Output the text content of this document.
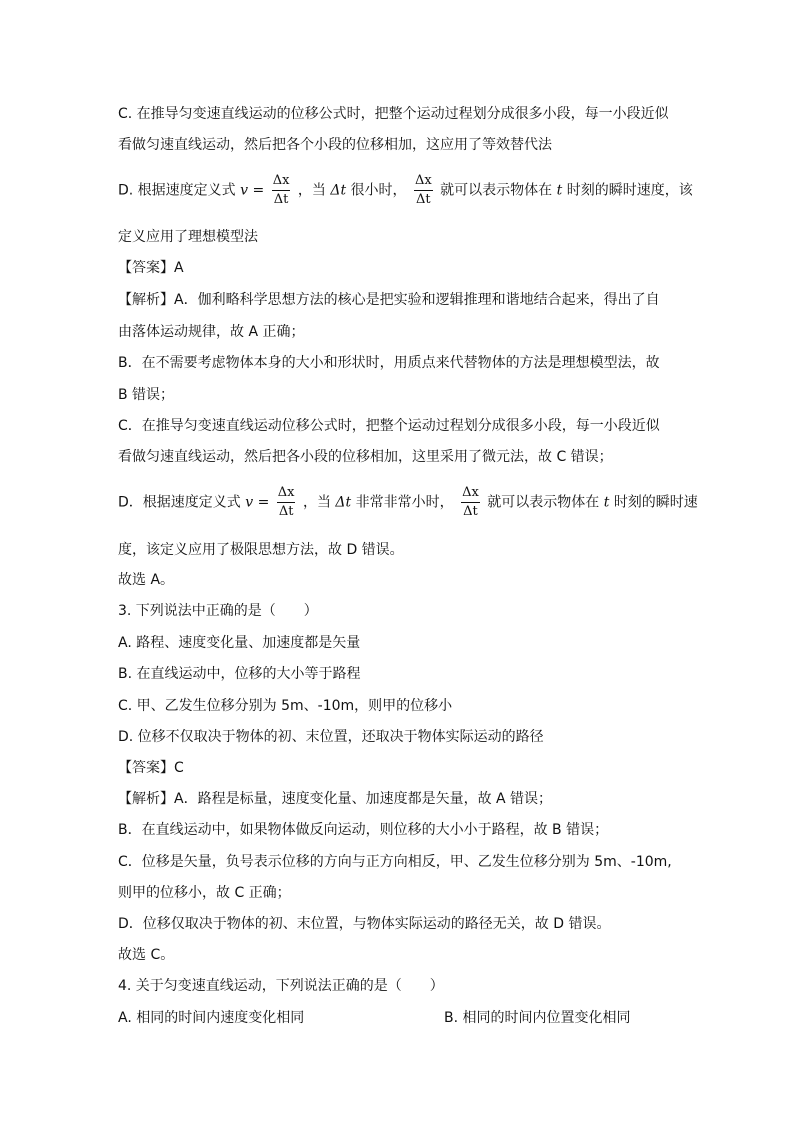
C. 在推导匀变速直线运动的位移公式时，把整个运动过程划分成很多小段，每一小段近似
看做匀速直线运动，然后把各个小段的位移相加，这应用了等效替代法
D. 根据速度定义式 $v = \frac{\Delta x}{\Delta t}$ ，当 Δt 很小时， $\frac{\Delta x}{\Delta t}$ 就可以表示物体在 t 时刻的瞬时速度，该
定义应用了理想模型法
【答案】A
【解析】A．伽利略科学思想方法的核心是把实验和逻辑推理和谐地结合起来，得出了自
由落体运动规律，故 A 正确；
B．在不需要考虑物体本身的大小和形状时，用质点来代替物体的方法是理想模型法，故
B 错误；
C．在推导匀变速直线运动位移公式时，把整个运动过程划分成很多小段，每一小段近似
看做匀速直线运动，然后把各小段的位移相加，这里采用了微元法，故 C 错误；
D．根据速度定义式 $v = \frac{\Delta x}{\Delta t}$ ，当 Δt 非常非常小时， $\frac{\Delta x}{\Delta t}$ 就可以表示物体在 t 时刻的瞬时速
度，该定义应用了极限思想方法，故 D 错误。
故选 A。
3. 下列说法中正确的是（　　）
A. 路程、速度变化量、加速度都是矢量
B. 在直线运动中，位移的大小等于路程
C. 甲、乙发生位移分别为 5m、-10m，则甲的位移小
D. 位移不仅取决于物体的初、末位置，还取决于物体实际运动的路径
【答案】C
【解析】A．路程是标量，速度变化量、加速度都是矢量，故 A 错误；
B．在直线运动中，如果物体做反向运动，则位移的大小小于路程，故 B 错误；
C．位移是矢量，负号表示位移的方向与正方向相反，甲、乙发生位移分别为 5m、-10m,
则甲的位移小，故 C 正确；
D．位移仅取决于物体的初、末位置，与物体实际运动的路径无关，故 D 错误。
故选 C。
4. 关于匀变速直线运动，下列说法正确的是（　　）
A. 相同的时间内速度变化相同	B. 相同的时间内位置变化相同
